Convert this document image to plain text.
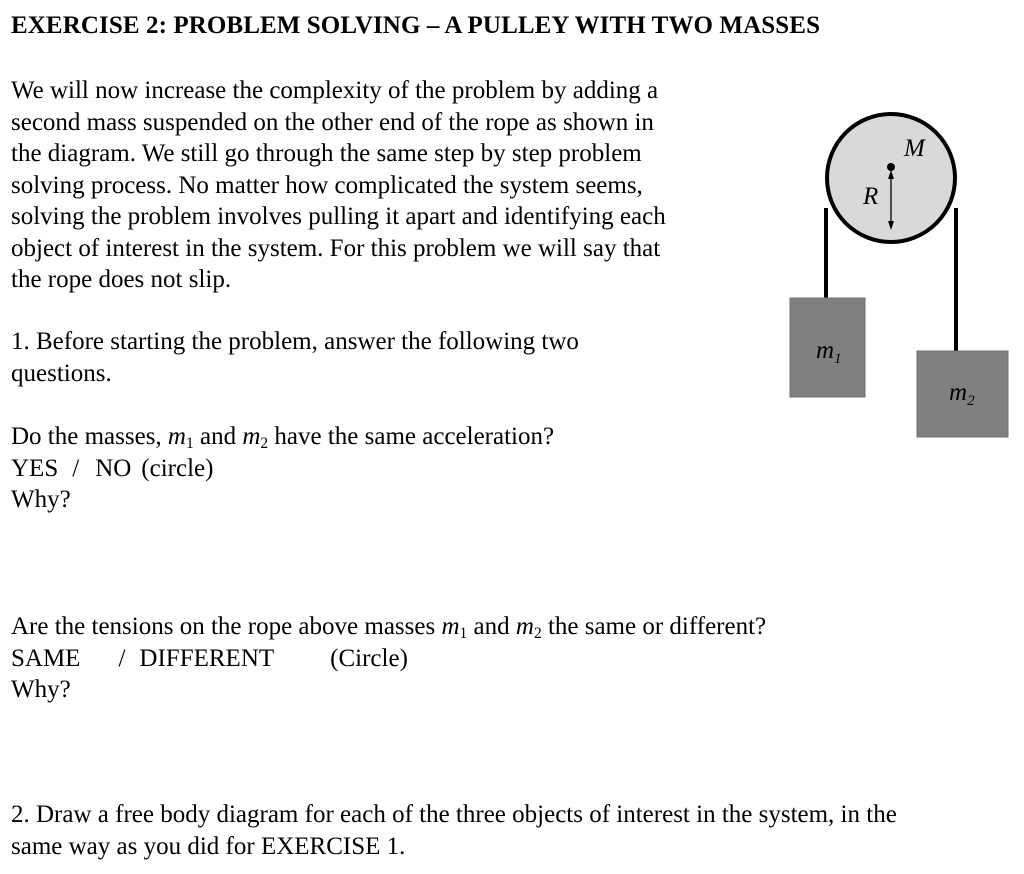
EXERCISE 2: PROBLEM SOLVING – A PULLEY WITH TWO MASSES
We will now increase the complexity of the problem by adding a
second mass suspended on the other end of the rope as shown in
the diagram. We still go through the same step by step problem
solving process. No matter how complicated the system seems,
solving the problem involves pulling it apart and identifying each
object of interest in the system. For this problem we will say that
the rope does not slip.
1. Before starting the problem, answer the following two
questions.
Do the masses, $m_1$ and $m_2$ have the same acceleration?
YES / NO (circle)
Why?
Are the tensions on the rope above masses $m_1$ and $m_2$ the same or different?
SAME / DIFFERENT (Circle)
Why?
2. Draw a free body diagram for each of the three objects of interest in the system, in the
same way as you did for EXERCISE 1.
M
R
$m_1$
$m_2$
